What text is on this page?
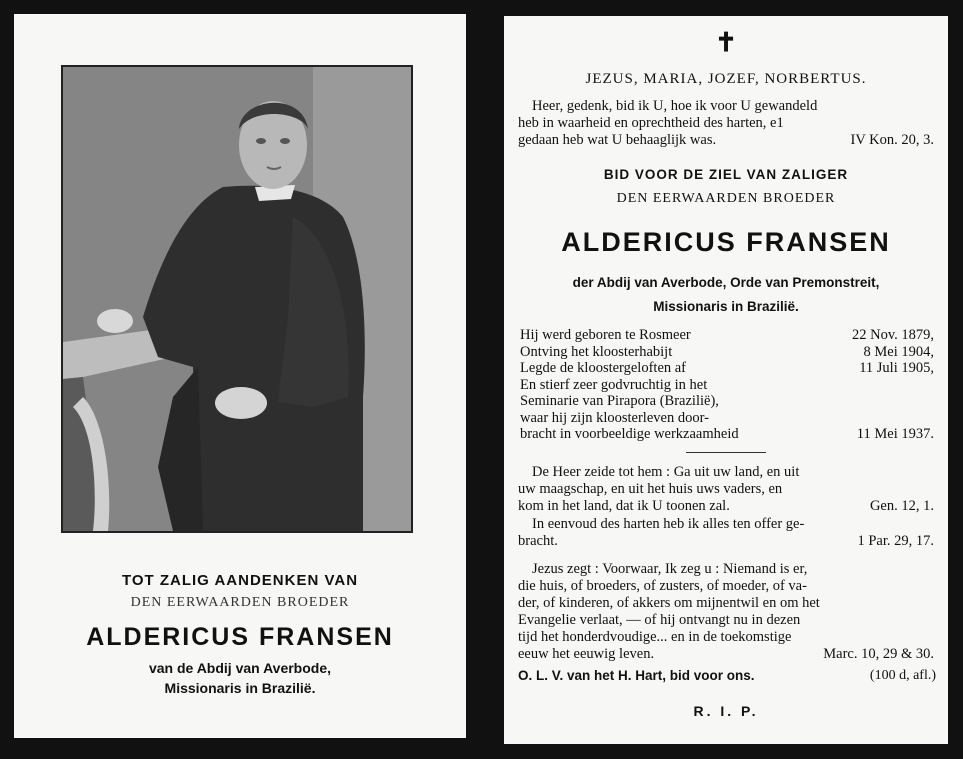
TOT ZALIG AANDENKEN VAN
DEN EERWAARDEN BROEDER
ALDERICUS FRANSEN
van de Abdij van Averbode,
Missionaris in Brazilië.
✝
JEZUS, MARIA, JOZEF, NORBERTUS.
Heer, gedenk, bid ik U, hoe ik voor U gewandeld
heb in waarheid en oprechtheid des harten, e1
gedaan heb wat U behaaglijk was.	IV Kon. 20, 3.
BID VOOR DE ZIEL VAN ZALIGER
DEN EERWAARDEN BROEDER
ALDERICUS FRANSEN
der Abdij van Averbode, Orde van Premonstreit,
Missionaris in Brazilië.
Hij werd geboren te Rosmeer	22 Nov. 1879,
Ontving het kloosterhabijt	8 Mei 1904,
Legde de kloostergeloften af	11 Juli 1905,
En stierf zeer godvruchtig in het
Seminarie van Pirapora (Brazilië),
waar hij zijn kloosterleven door-
bracht in voorbeeldige werkzaamheid	11 Mei 1937.
De Heer zeide tot hem : Ga uit uw land, en uit
uw maagschap, en uit het huis uws vaders, en
kom in het land, dat ik U toonen zal.	Gen. 12, 1.
In eenvoud des harten heb ik alles ten offer ge-
bracht.	1 Par. 29, 17.
Jezus zegt : Voorwaar, Ik zeg u : Niemand is er,
die huis, of broeders, of zusters, of moeder, of va-
der, of kinderen, of akkers om mijnentwil en om het
Evangelie verlaat, — of hij ontvangt nu in dezen
tijd het honderdvoudige... en in de toekomstige
eeuw het eeuwig leven.	Marc. 10, 29 & 30.
O. L. V. van het H. Hart, bid voor ons.	(100 d, afl.)
R. I. P.
